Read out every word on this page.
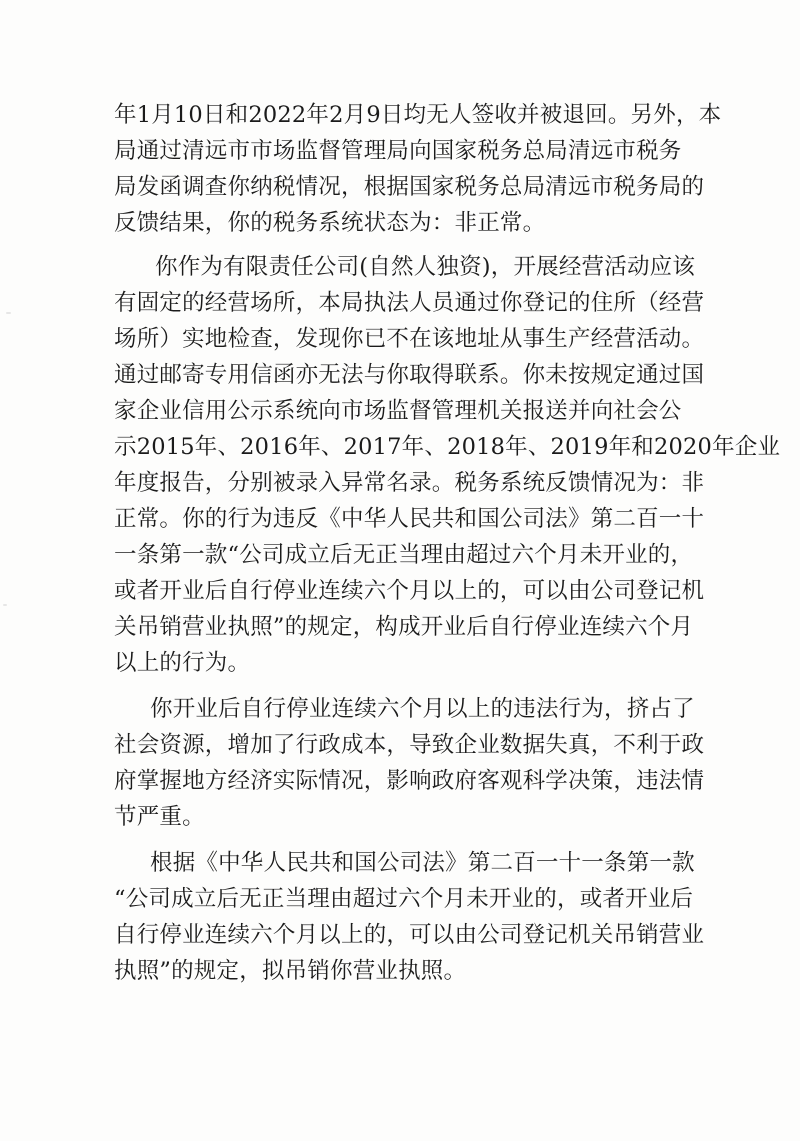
年1月10日和2022年2月9日均无人签收并被退回。另外，本
局通过清远市市场监督管理局向国家税务总局清远市税务
局发函调查你纳税情况，根据国家税务总局清远市税务局的
反馈结果，你的税务系统状态为：非正常。
你作为有限责任公司(自然人独资)，开展经营活动应该
有固定的经营场所，本局执法人员通过你登记的住所（经营
场所）实地检查，发现你已不在该地址从事生产经营活动。
通过邮寄专用信函亦无法与你取得联系。你未按规定通过国
家企业信用公示系统向市场监督管理机关报送并向社会公
示2015年、2016年、2017年、2018年、2019年和2020年企业
年度报告，分别被录入异常名录。税务系统反馈情况为：非
正常。你的行为违反《中华人民共和国公司法》第二百一十
一条第一款“公司成立后无正当理由超过六个月未开业的，
或者开业后自行停业连续六个月以上的，可以由公司登记机
关吊销营业执照”的规定，构成开业后自行停业连续六个月
以上的行为。
你开业后自行停业连续六个月以上的违法行为，挤占了
社会资源，增加了行政成本，导致企业数据失真，不利于政
府掌握地方经济实际情况，影响政府客观科学决策，违法情
节严重。
根据《中华人民共和国公司法》第二百一十一条第一款
“公司成立后无正当理由超过六个月未开业的，或者开业后
自行停业连续六个月以上的，可以由公司登记机关吊销营业
执照”的规定，拟吊销你营业执照。
